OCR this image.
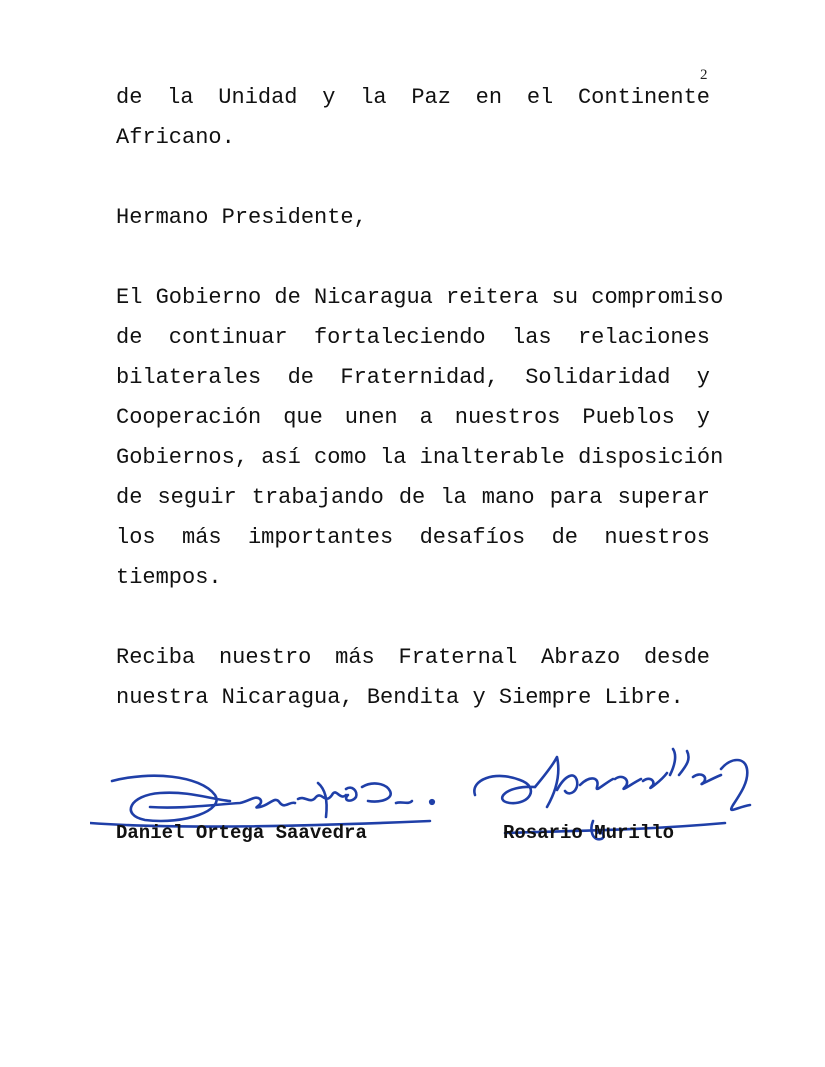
2
de la Unidad y la Paz en el Continente
Africano.
Hermano Presidente,
El Gobierno de Nicaragua reitera su compromiso
de continuar fortaleciendo las relaciones
bilaterales de Fraternidad, Solidaridad y
Cooperación que unen a nuestros Pueblos y
Gobiernos, así como la inalterable disposición
de seguir trabajando de la mano para superar
los más importantes desafíos de nuestros
tiempos.
Reciba nuestro más Fraternal Abrazo desde
nuestra Nicaragua, Bendita y Siempre Libre.
Daniel Ortega Saavedra	Rosario Murillo
